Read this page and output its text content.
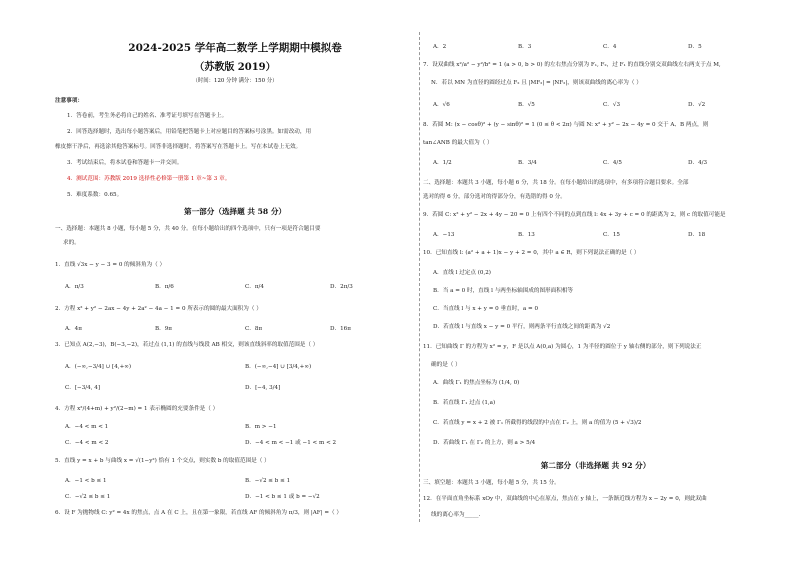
2024-2025 学年高二数学上学期期中模拟卷
（苏教版 2019）
（时间：120 分钟 满分：150 分）
注意事项：
1．答卷前，考生务必将自己的姓名、准考证号填写在答题卡上。
2．回答选择题时，选出每小题答案后，用铅笔把答题卡上对应题目的答案标号涂黑。如需改动，用
橡皮擦干净后，再选涂其他答案标号。回答非选择题时，将答案写在答题卡上。写在本试卷上无效。
3．考试结束后，将本试卷和答题卡一并交回。
4．测试范围：苏教版 2019 选择性必修第一册第 1 章~第 3 章。
5．难度系数：0.65。
第一部分（选择题 共 58 分）
一、选择题：本题共 8 小题，每小题 5 分，共 40 分。在每小题给出的四个选项中，只有一项是符合题目要
求的。
1．直线 √3x − y − 3 = 0 的倾斜角为（ ）
A．π/3	B．π/6	C．π/4	D．2π/3
2．方程 x² + y² − 2ax − 4y + 2a² − 4a − 1 = 0 所表示的圆的最大面积为（ ）
A．4π	B．9π	C．8π	D．16π
3．已知点 A(2,−3)，B(−3,−2)，若过点 (1,1) 的直线与线段 AB 相交，则该直线斜率的取值范围是（ ）
A．(−∞,−3/4] ∪ [4,+∞)	B．(−∞,−4] ∪ [3/4,+∞)
C．[−3/4, 4]	D．[−4, 3/4]
4．方程 x²/(4+m) + y²/(2−m) = 1 表示椭圆的充要条件是（ ）
A．−4 < m < 1	B．m > −1
C．−4 < m < 2	D．−4 < m < −1 或 −1 < m < 2
5．直线 y = x + b 与曲线 x = √(1−y²) 恰有 1 个交点，则实数 b 的取值范围是（ ）
A．−1 < b ≤ 1	B．−√2 ≤ b ≤ 1
C．−√2 ≤ b ≤ 1	D．−1 < b ≤ 1 或 b = −√2
6．设 F 为抛物线 C: y² = 4x 的焦点，点 A 在 C 上，且在第一象限，若直线 AF 的倾斜角为 π/3，则 |AF| =（ ）
A．2	B．3	C．4	D．5
7．设双曲线 x²/a² − y²/b² = 1 (a > 0, b > 0) 的左右焦点分别为 F₁, F₂，过 F₁ 的直线分别交双曲线左右两支于点 M,
N．若以 MN 为直径的圆经过点 F₂ 且 |MF₂| = |NF₂|，则该双曲线的离心率为（ ）
A．√6	B．√5	C．√3	D．√2
8．若圆 M: (x − cosθ)² + (y − sinθ)² = 1 (0 ≤ θ < 2π) 与圆 N: x² + y² − 2x − 4y = 0 交于 A、B 两点，则
tan∠ANB 的最大值为（ ）
A．1/2	B．3/4	C．4/5	D．4/3
二、选择题：本题共 3 小题，每小题 6 分，共 18 分。在每小题给出的选项中，有多项符合题目要求。全部
选对的得 6 分，部分选对的得部分分，有选错的得 0 分。
9．若圆 C: x² + y² − 2x + 4y − 20 = 0 上有四个不同的点到直线 l: 4x + 3y + c = 0 的距离为 2，则 c 的取值可能是
A．−13	B．13	C．15	D．18
10．已知直线 l: (a² + a + 1)x − y + 2 = 0，其中 a ∈ R，则下列说法正确的是（ ）
A．直线 l 过定点 (0,2)
B．当 a = 0 时，直线 l 与两坐标轴围成的图形面积相等
C．当直线 l 与 x + y = 0 垂直时，a = 0
D．若直线 l 与直线 x − y = 0 平行，则两条平行直线之间的距离为 √2
11．已知曲线 Γ 的方程为 x² = y，F 是以点 A(0,a) 为圆心，1 为半径的圆位于 y 轴右侧的部分，则下列说法正
确的是（ ）
A．曲线 Γ₁ 的焦点坐标为 (1/4, 0)
B．若直线 Γ₁ 过点 (1,a)
C．若直线 y = x + 2 被 Γ₁ 所截得的线段的中点在 Γ₂ 上，则 a 的值为 (5 + √3)/2
D．若曲线 Γ₁ 在 Γ₂ 的上方，则 a > 5/4
第二部分（非选择题 共 92 分）
三、填空题：本题共 3 小题，每小题 5 分，共 15 分。
12．在平面直角坐标系 xOy 中，双曲线的中心在原点，焦点在 y 轴上，一条渐近线方程为 x − 2y = 0，则此双曲
线的离心率为_____.
